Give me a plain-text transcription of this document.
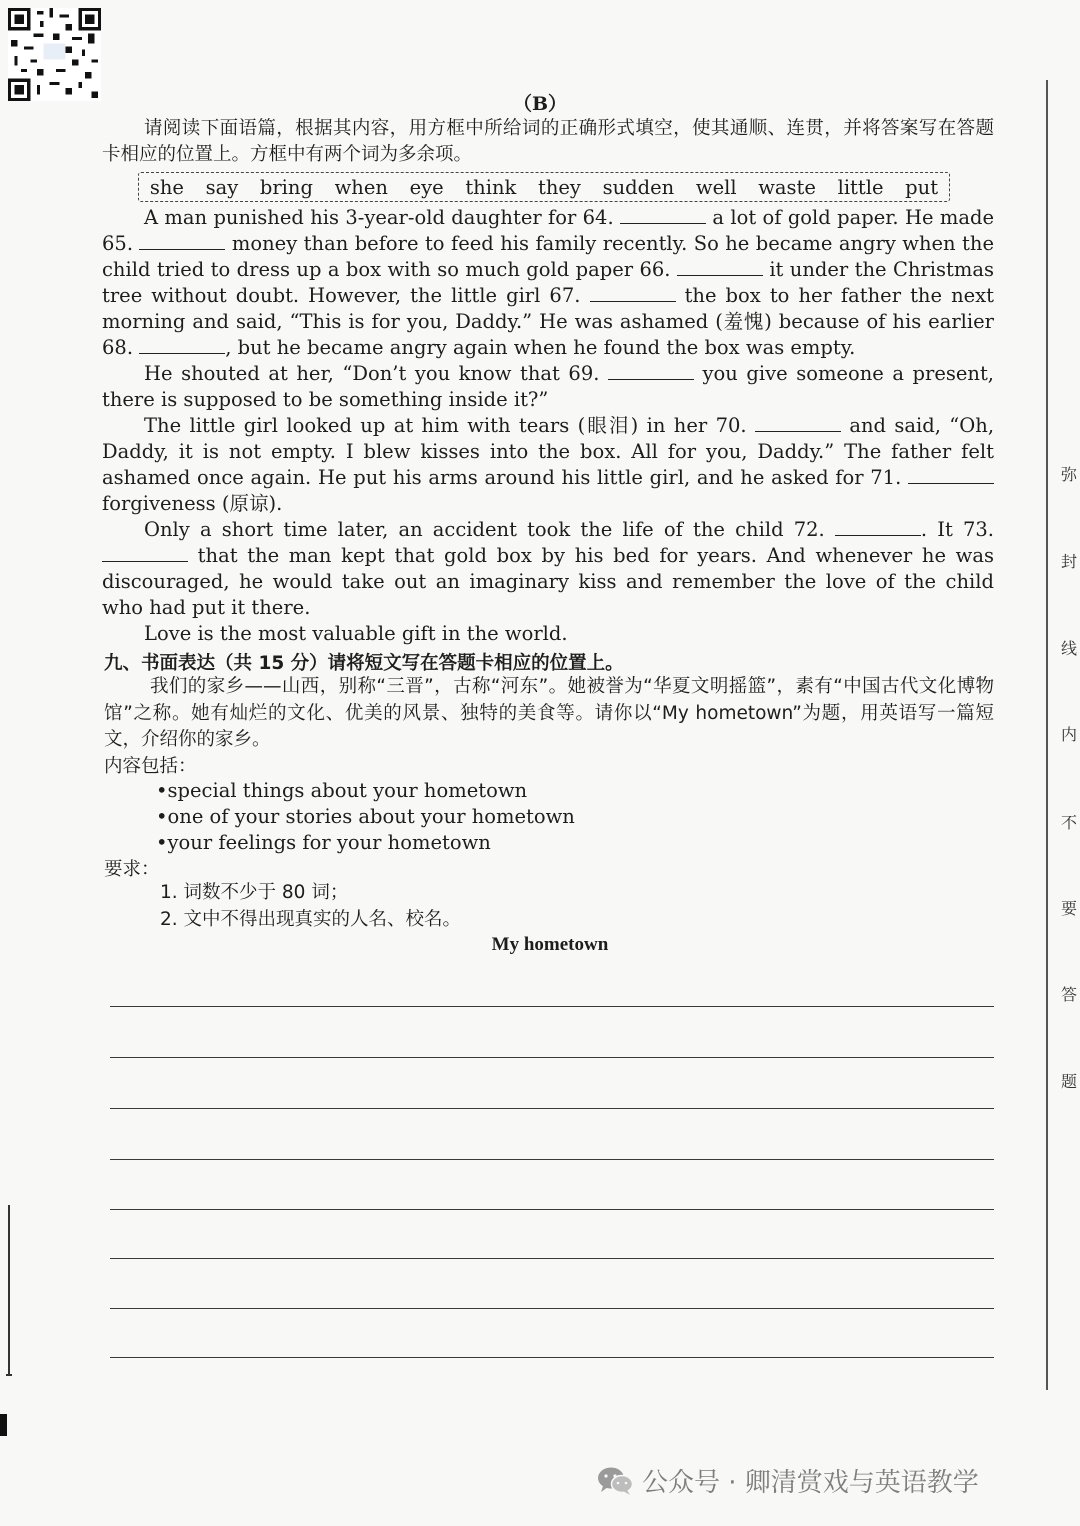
（B）

请阅读下面语篇，根据其内容，用方框中所给词的正确形式填空，使其通顺、连贯，并将答案写在答题卡相应的位置上。方框中有两个词为多余项。

she say bring when eye think they sudden well waste little put

A man punished his 3-year-old daughter for 64.	a lot of gold paper. He made 65.	money than before to feed his family recently. So he became angry when the child tried to dress up a box with so much gold paper 66.	it under the Christmas tree without doubt. However, the little girl 67.	the box to her father the next morning and said, “This is for you, Daddy.” He was ashamed (羞愧) because of his earlier 68.	, but he became angry again when he found the box was empty.

He shouted at her, “Don’t you know that 69.	you give someone a present, there is supposed to be something inside it?”

The little girl looked up at him with tears (眼泪) in her 70.	and said, “Oh, Daddy, it is not empty. I blew kisses into the box. All for you, Daddy.” The father felt ashamed once again. He put his arms around his little girl, and he asked for 71.  forgiveness (原谅).

Only a short time later, an accident took the life of the child 72.	. It 73.  that the man kept that gold box by his bed for years. And whenever he was discouraged, he would take out an imaginary kiss and remember the love of the child who had put it there.

Love is the most valuable gift in the world.

九、书面表达（共 15 分）请将短文写在答题卡相应的位置上。

我们的家乡——山西，别称“三晋”，古称“河东”。她被誉为“华夏文明摇篮”，素有“中国古代文化博物馆”之称。她有灿烂的文化、优美的风景、独特的美食等。请你以“My hometown”为题，用英语写一篇短文，介绍你的家乡。

内容包括：
• special things about your hometown
• one of your stories about your hometown
• your feelings for your hometown
要求：
1. 词数不少于 80 词；
2. 文中不得出现真实的人名、校名。
My hometown
弥
封
线
内
不
要
答
题
公众号 · 卿清赏戏与英语教学
